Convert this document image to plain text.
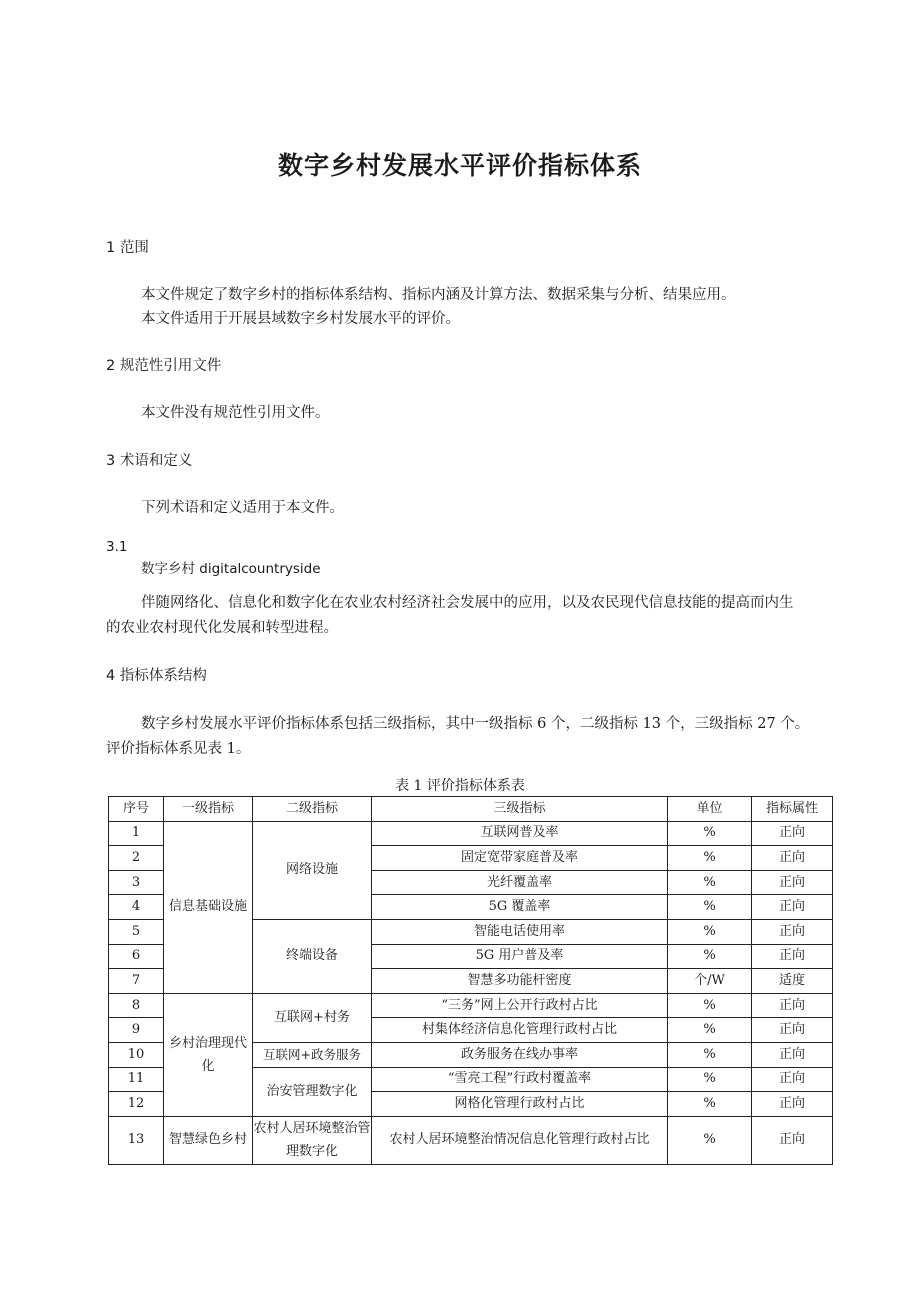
数字乡村发展水平评价指标体系
1 范围
本文件规定了数字乡村的指标体系结构、指标内涵及计算方法、数据采集与分析、结果应用。
本文件适用于开展县域数字乡村发展水平的评价。
2 规范性引用文件
本文件没有规范性引用文件。
3 术语和定义
下列术语和定义适用于本文件。
3.1
数字乡村 digitalcountryside
伴随网络化、信息化和数字化在农业农村经济社会发展中的应用，以及农民现代信息技能的提高而内生
的农业农村现代化发展和转型进程。
4 指标体系结构
数字乡村发展水平评价指标体系包括三级指标，其中一级指标 6 个，二级指标 13 个，三级指标 27 个。
评价指标体系见表 1。
表 1 评价指标体系表
序号	一级指标	二级指标	三级指标	单位	指标属性
1	信息基础设施	网络设施	互联网普及率	%	正向
2			固定宽带家庭普及率	%	正向
3			光纤覆盖率	%	正向
4			5G 覆盖率	%	正向
5		终端设备	智能电话使用率	%	正向
6			5G 用户普及率	%	正向
7			智慧多功能杆密度	个/W	适度
8	乡村治理现代化	互联网+村务	“三务”网上公开行政村占比	%	正向
9			村集体经济信息化管理行政村占比	%	正向
10		互联网+政务服务	政务服务在线办事率	%	正向
11		治安管理数字化	“雪亮工程”行政村覆盖率	%	正向
12			网格化管理行政村占比	%	正向
13	智慧绿色乡村	农村人居环境整治管理数字化	农村人居环境整治情况信息化管理行政村占比	%	正向
